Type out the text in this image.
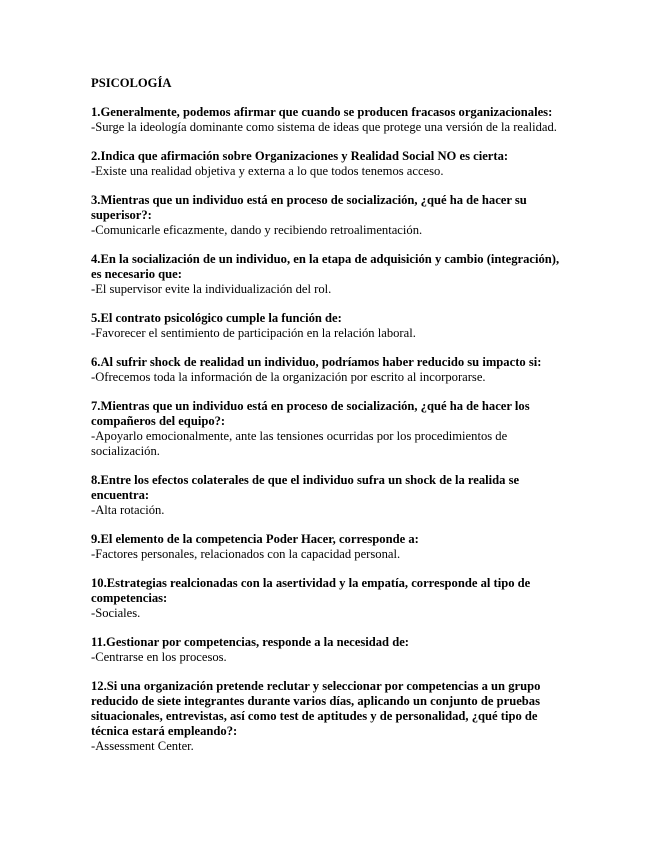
PSICOLOGÍA

1.Generalmente, podemos afirmar que cuando se producen fracasos organizacionales:

-Surge la ideología dominante como sistema de ideas que protege una versión de la realidad.

2.Indica que afirmación sobre Organizaciones y Realidad Social NO es cierta:

-Existe una realidad objetiva y externa a lo que todos tenemos acceso.

3.Mientras que un individuo está en proceso de socialización, ¿qué ha de hacer su superisor?:

-Comunicarle eficazmente, dando y recibiendo retroalimentación.

4.En la socialización de un individuo, en la etapa de adquisición y cambio (integración), es necesario que:

-El supervisor evite la individualización del rol.

5.El contrato psicológico cumple la función de:

-Favorecer el sentimiento de participación en la relación laboral.

6.Al sufrir shock de realidad un individuo, podríamos haber reducido su impacto si:

-Ofrecemos toda la información de la organización por escrito al incorporarse.

7.Mientras que un individuo está en proceso de socialización, ¿qué ha de hacer los compañeros del equipo?:

-Apoyarlo emocionalmente, ante las tensiones ocurridas por los procedimientos de socialización.

8.Entre los efectos colaterales de que el individuo sufra un shock de la realida se encuentra:

-Alta rotación.

9.El elemento de la competencia Poder Hacer, corresponde a:

-Factores personales, relacionados con la capacidad personal.

10.Estrategias realcionadas con la asertividad y la empatía, corresponde al tipo de competencias:

-Sociales.

11.Gestionar por competencias, responde a la necesidad de:

-Centrarse en los procesos.

12.Si una organización pretende reclutar y seleccionar por competencias a un grupo reducido de siete integrantes durante varios días, aplicando un conjunto de pruebas situacionales, entrevistas, así como test de aptitudes y de personalidad, ¿qué tipo de técnica estará empleando?:

-Assessment Center.
